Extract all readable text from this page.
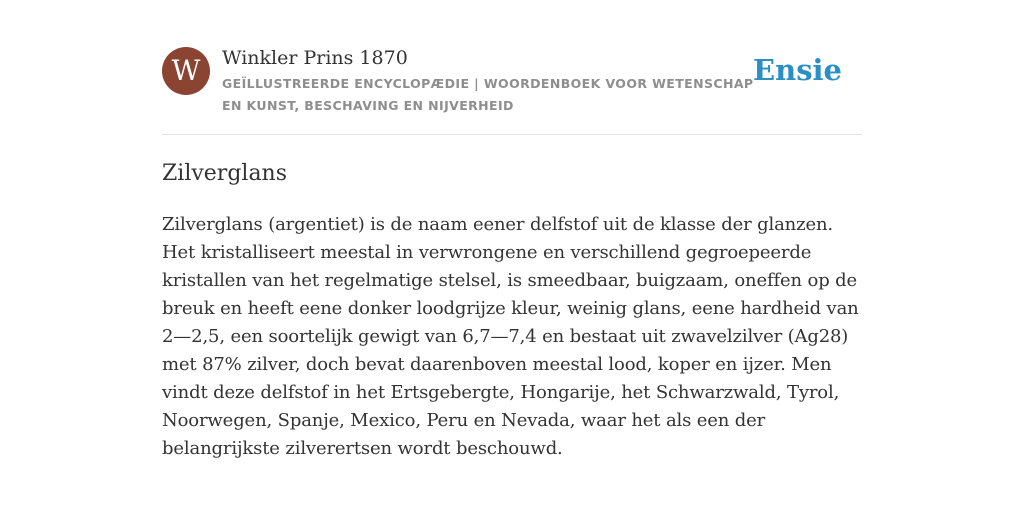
W	Winkler Prins 1870
GEÏLLUSTREERDE ENCYCLOPÆDIE | WOORDENBOEK VOOR WETENSCHAP EN KUNST, BESCHAVING EN NIJVERHEID
Ensie
Zilverglans

Zilverglans (argentiet) is de naam eener delfstof uit de klasse der glanzen. Het kristalliseert meestal in verwrongene en verschillend gegroepeerde kristallen van het regelmatige stelsel, is smeedbaar, buigzaam, oneffen op de breuk en heeft eene donker loodgrijze kleur, weinig glans, eene hardheid van 2—2,5, een soortelijk gewigt van 6,7—7,4 en bestaat uit zwavelzilver (Ag28) met 87% zilver, doch bevat daarenboven meestal lood, koper en ijzer. Men vindt deze delfstof in het Ertsgebergte, Hongarije, het Schwarzwald, Tyrol, Noorwegen, Spanje, Mexico, Peru en Nevada, waar het als een der belangrijkste zilverertsen wordt beschouwd.
